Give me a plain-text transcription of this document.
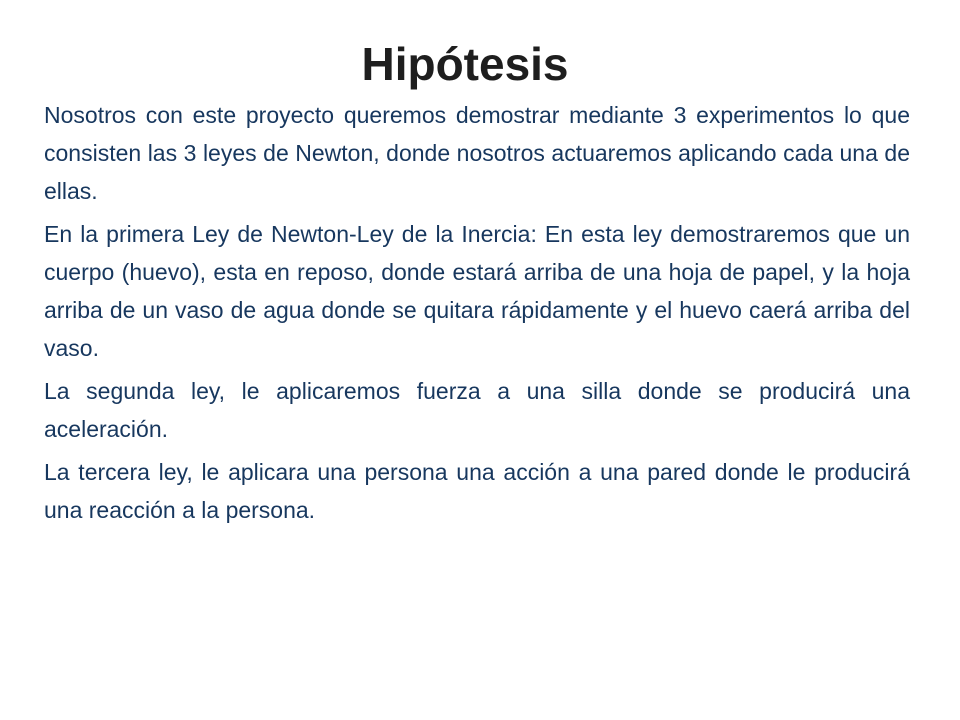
Hipótesis

Nosotros con este proyecto queremos demostrar mediante 3 experimentos lo que consisten las 3 leyes de Newton, donde nosotros actuaremos aplicando cada una de ellas.

En la primera Ley de Newton-Ley de la Inercia: En esta ley demostraremos que un cuerpo (huevo), esta en reposo, donde estará arriba de una hoja de papel, y la hoja arriba de un vaso de agua donde se quitara rápidamente y el huevo caerá arriba del vaso.

La segunda ley, le aplicaremos fuerza a una silla donde se producirá una aceleración.

La tercera ley, le aplicara una persona una acción a una pared donde le producirá una reacción a la persona.
